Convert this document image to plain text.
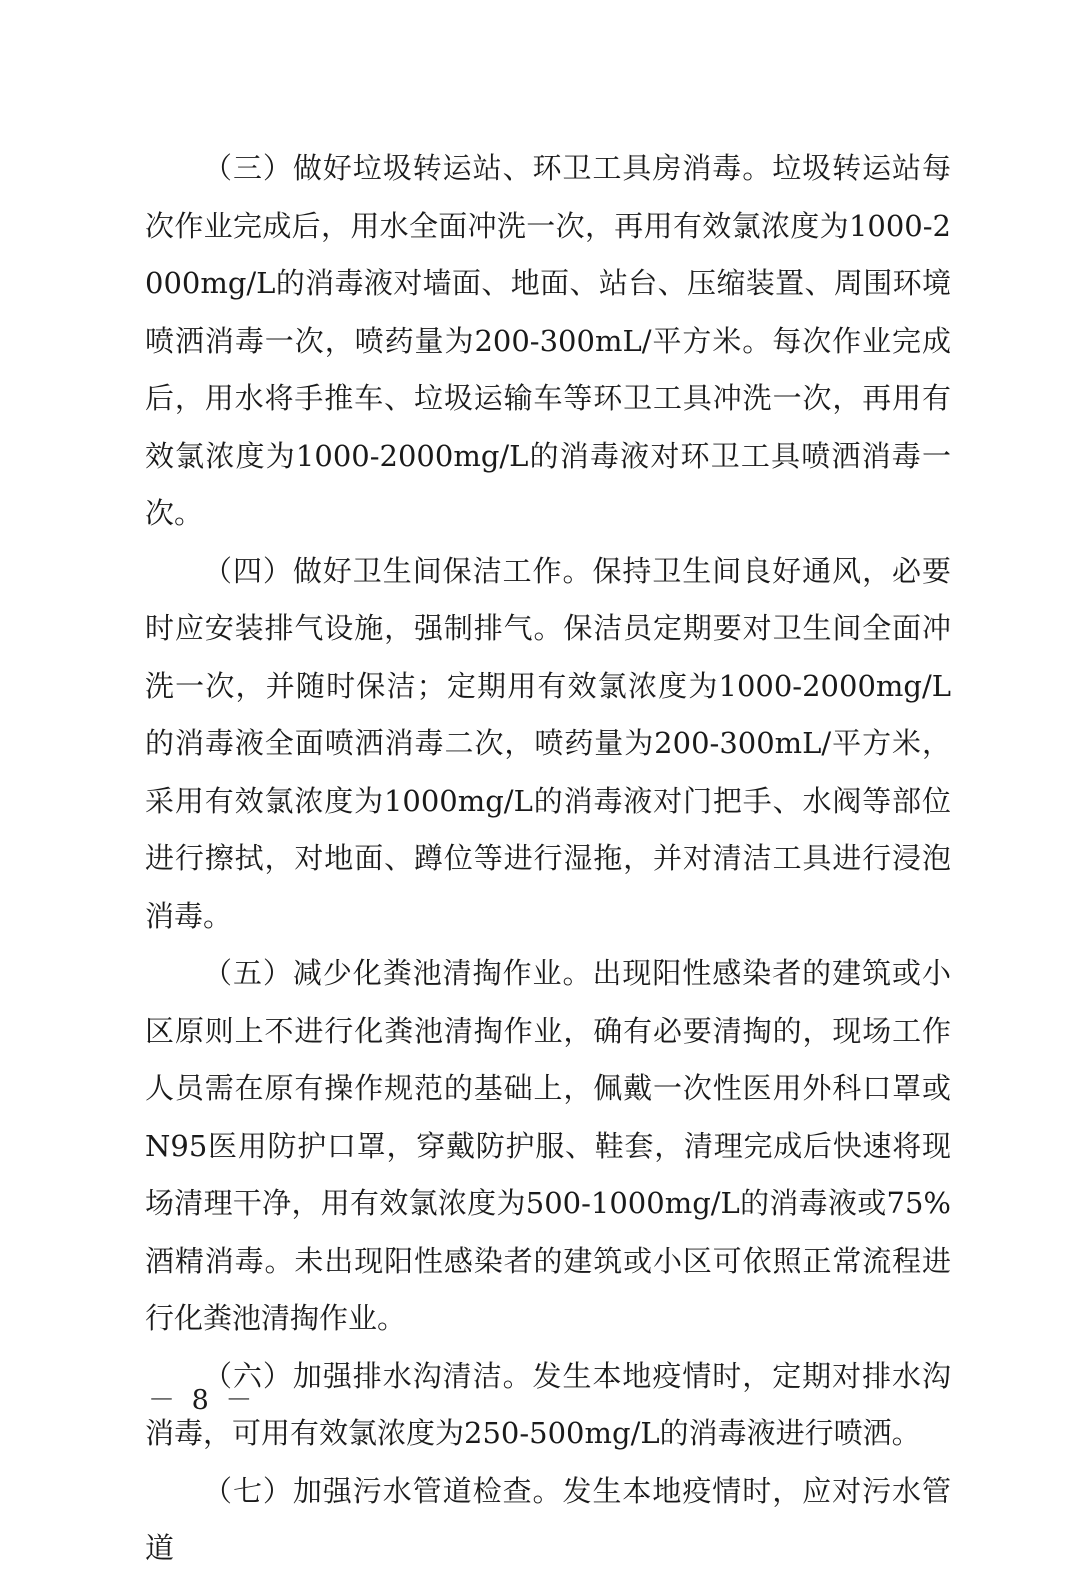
（三）做好垃圾转运站、环卫工具房消毒。垃圾转运站每次作业完成后，用水全面冲洗一次，再用有效氯浓度为1000-2000mg/L的消毒液对墙面、地面、站台、压缩装置、周围环境喷洒消毒一次，喷药量为200-300mL/平方米。每次作业完成后，用水将手推车、垃圾运输车等环卫工具冲洗一次，再用有效氯浓度为1000-2000mg/L的消毒液对环卫工具喷洒消毒一次。

（四）做好卫生间保洁工作。保持卫生间良好通风，必要时应安装排气设施，强制排气。保洁员定期要对卫生间全面冲洗一次，并随时保洁；定期用有效氯浓度为1000-2000mg/L的消毒液全面喷洒消毒二次，喷药量为200-300mL/平方米，采用有效氯浓度为1000mg/L的消毒液对门把手、水阀等部位进行擦拭，对地面、蹲位等进行湿拖，并对清洁工具进行浸泡消毒。

（五）减少化粪池清掏作业。出现阳性感染者的建筑或小区原则上不进行化粪池清掏作业，确有必要清掏的，现场工作人员需在原有操作规范的基础上，佩戴一次性医用外科口罩或N95医用防护口罩，穿戴防护服、鞋套，清理完成后快速将现场清理干净，用有效氯浓度为500-1000mg/L的消毒液或75%酒精消毒。未出现阳性感染者的建筑或小区可依照正常流程进行化粪池清掏作业。

（六）加强排水沟清洁。发生本地疫情时，定期对排水沟消毒，可用有效氯浓度为250-500mg/L的消毒液进行喷洒。

（七）加强污水管道检查。发生本地疫情时，应对污水管道

－ 8 －
